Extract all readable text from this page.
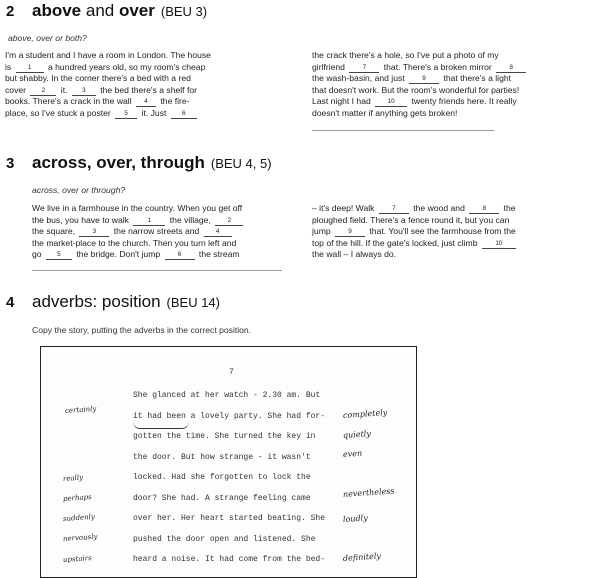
2 above and over (BEU 3)
above, over or both?
I'm a student and I have a room in London. The house
is 1 a hundred years old, so my room's cheap
but shabby. In the corner there's a bed with a red
cover 2 it. 3 the bed there's a shelf for
books. There's a crack in the wall 4 the fire-
place, so I've stuck a poster 5 it. Just 6
the crack there's a hole, so I've put a photo of my
girlfriend 7 that. There's a broken mirror 8
the wash-basin, and just 9 that there's a light
that doesn't work. But the room's wonderful for parties!
Last night I had 10 twenty friends here. It really
doesn't matter if anything gets broken!
3 across, over, through (BEU 4, 5)
across, over or through?
We live in a farmhouse in the country. When you get off
the bus, you have to walk	1 the village, 2
the square, 3 the narrow streets and 4
the market-place to the church. Then you turn left and
go 5 the bridge. Don't jump 6 the stream
– it's deep! Walk 7 the wood and 8 the
ploughed field. There's a fence round it, but you can
jump 9 that. You'll see the farmhouse from the
top of the hill. If the gate's locked, just climb 10
the wall – I always do.
4 adverbs: position (BEU 14)
Copy the story, putting the adverbs in the correct position.
7
She glanced at her watch - 2.30 am. But
it had been a lovely party. She had for-
gotten the time. She turned the key in
the door. But how strange - it wasn't
locked. Had she forgotten to lock the
door? She had. A strange feeling came
over her. Her heart started beating. She
pushed the door open and listened. She
heard a noise. It had come from the bed-
certainly
really
perhaps
suddenly
nervously
upstairs
completely
quietly
even
nevertheless
loudly
definitely
